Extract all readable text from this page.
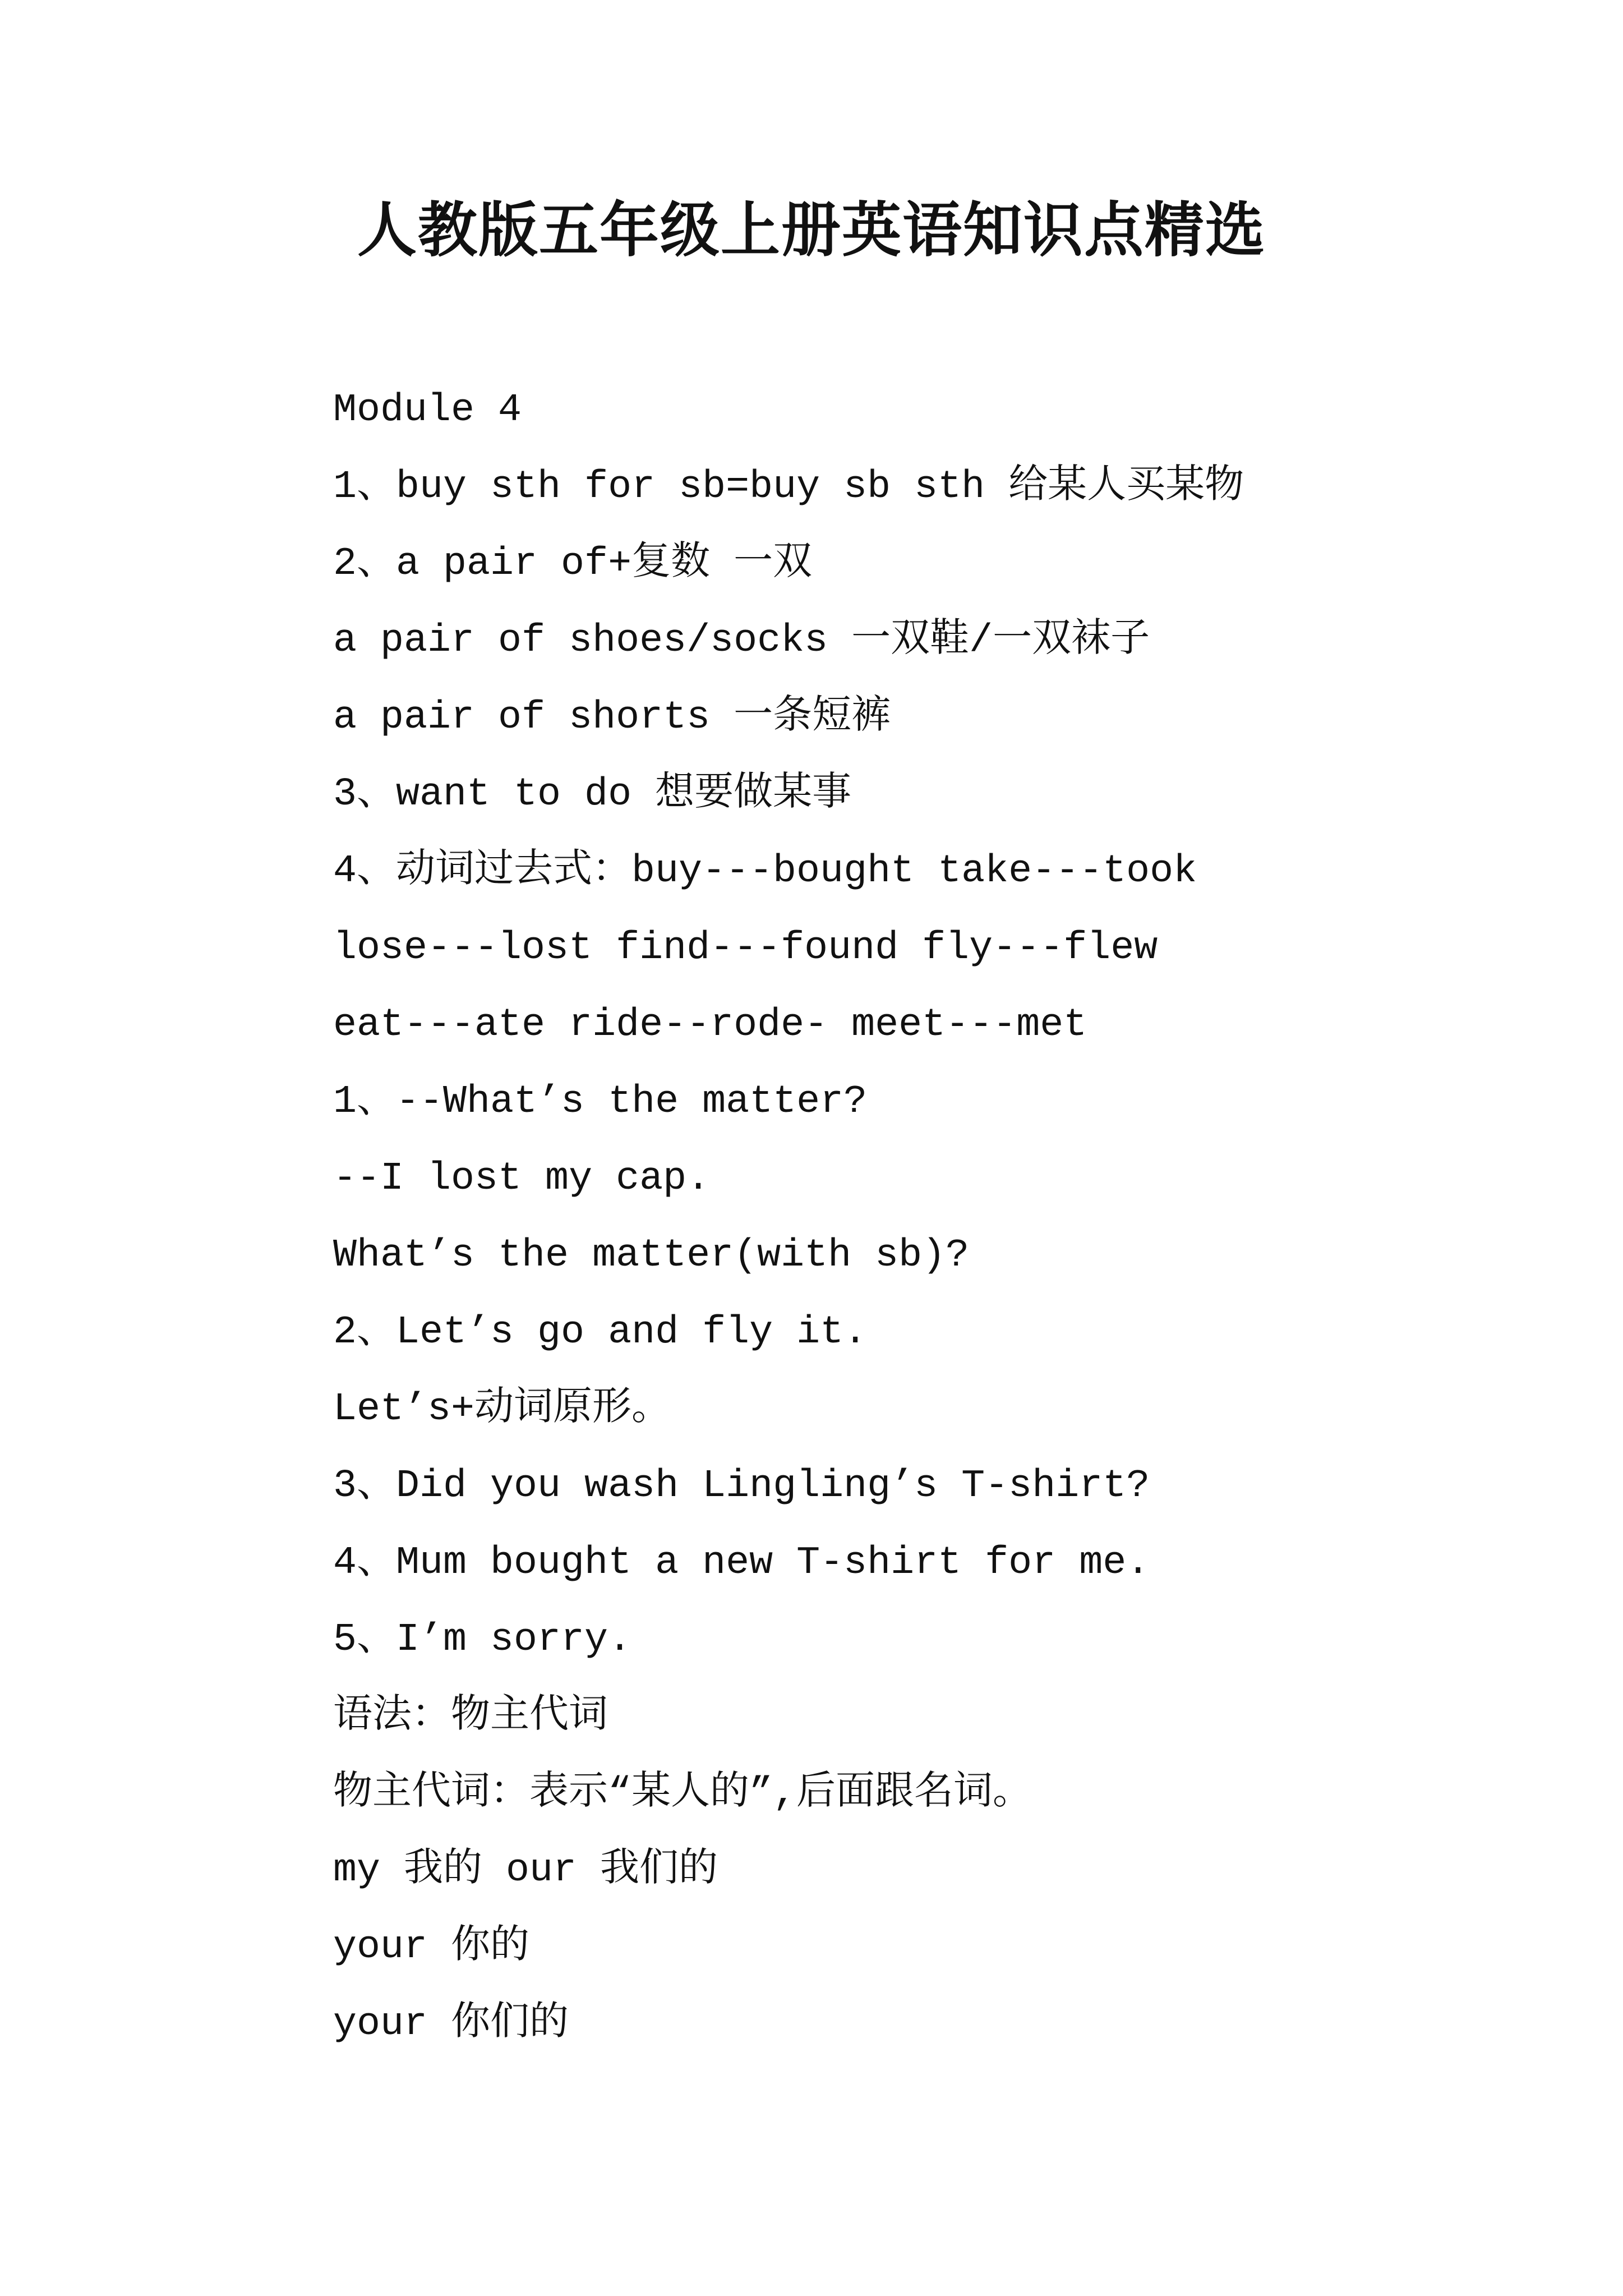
人教版五年级上册英语知识点精选
Module 4
1、buy sth for sb=buy sb sth 给某人买某物
2、a pair of+复数 一双
a pair of shoes/socks 一双鞋/一双袜子
a pair of shorts 一条短裤
3、want to do 想要做某事
4、动词过去式：buy---bought take---took
lose---lost find---found fly---flew
eat---ate ride--rode- meet---met
1、--What’s the matter?
--I lost my cap.
What’s the matter(with sb)?
2、Let’s go and fly it.
Let’s+动词原形。
3、Did you wash Lingling’s T-shirt?
4、Mum bought a new T-shirt for me.
5、I’m sorry.
语法：物主代词
物主代词：表示“某人的”,后面跟名词。
my 我的 our 我们的
your 你的
your 你们的
